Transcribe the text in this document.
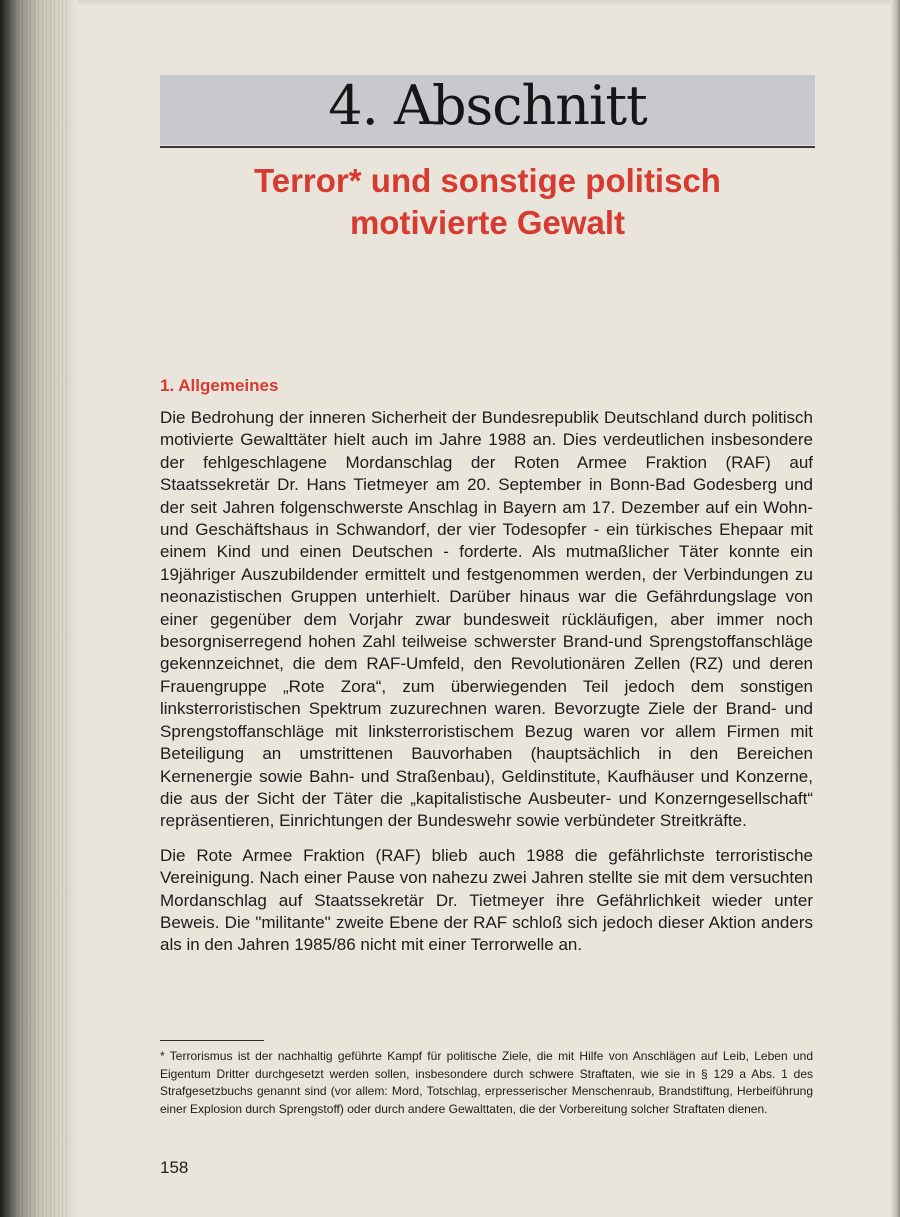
4. Abschnitt
Terror* und sonstige politisch
motivierte Gewalt
1. Allgemeines

Die Bedrohung der inneren Sicherheit der Bundesrepublik Deutschland durch politisch motivierte Gewalttäter hielt auch im Jahre 1988 an. Dies verdeutlichen insbesondere der fehlgeschlagene Mordanschlag der Roten Armee Fraktion (RAF) auf Staatssekretär Dr. Hans Tietmeyer am 20. September in Bonn-Bad Godesberg und der seit Jahren folgenschwerste Anschlag in Bayern am 17. Dezember auf ein Wohn- und Geschäftshaus in Schwandorf, der vier Todesopfer - ein türkisches Ehepaar mit einem Kind und einen Deutschen - forderte. Als mutmaßlicher Täter konnte ein 19jähriger Auszubildender ermittelt und festgenommen werden, der Verbindungen zu neonazistischen Gruppen unterhielt. Darüber hinaus war die Gefährdungslage von einer gegenüber dem Vorjahr zwar bundesweit rückläufigen, aber immer noch besorgniserregend hohen Zahl teilweise schwerster Brand-und Sprengstoffanschläge gekennzeichnet, die dem RAF-Umfeld, den Revolutionären Zellen (RZ) und deren Frauengruppe „Rote Zora“, zum überwiegenden Teil jedoch dem sonstigen linksterroristischen Spektrum zuzurechnen waren. Bevorzugte Ziele der Brand- und Sprengstoffanschläge mit linksterroristischem Bezug waren vor allem Firmen mit Beteiligung an umstrittenen Bauvorhaben (hauptsächlich in den Bereichen Kernenergie sowie Bahn- und Straßenbau), Geldinstitute, Kaufhäuser und Konzerne, die aus der Sicht der Täter die „kapitalistische Ausbeuter- und Konzerngesellschaft“ repräsentieren, Einrichtungen der Bundeswehr sowie verbündeter Streitkräfte.

Die Rote Armee Fraktion (RAF) blieb auch 1988 die gefährlichste terroristische Vereinigung. Nach einer Pause von nahezu zwei Jahren stellte sie mit dem versuchten Mordanschlag auf Staatssekretär Dr. Tietmeyer ihre Gefährlichkeit wieder unter Beweis. Die "militante" zweite Ebene der RAF schloß sich jedoch dieser Aktion anders als in den Jahren 1985/86 nicht mit einer Terrorwelle an.

* Terrorismus ist der nachhaltig geführte Kampf für politische Ziele, die mit Hilfe von Anschlägen auf Leib, Leben und Eigentum Dritter durchgesetzt werden sollen, insbesondere durch schwere Straftaten, wie sie in § 129 a Abs. 1 des Strafgesetzbuchs genannt sind (vor allem: Mord, Totschlag, erpresserischer Menschenraub, Brandstiftung, Herbeiführung einer Explosion durch Sprengstoff) oder durch andere Gewalttaten, die der Vorbereitung solcher Straftaten dienen.
158
